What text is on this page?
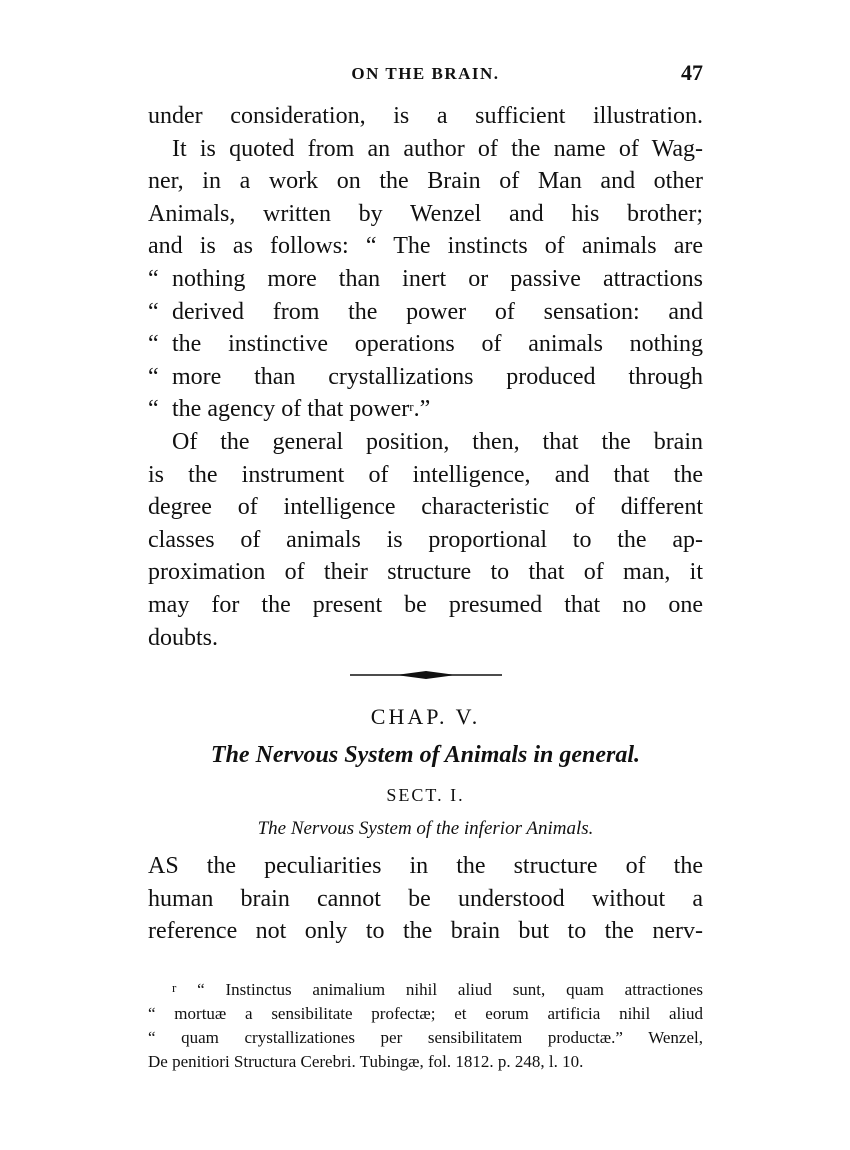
ON THE BRAIN.	47
under consideration, is a sufficient illustration.
It is quoted from an author of the name of Wag-
ner, in a work on the Brain of Man and other
Animals, written by Wenzel and his brother;
and is as follows: “ The instincts of animals are
“ nothing more than inert or passive attractions
“ derived from the power of sensation: and
“ the instinctive operations of animals nothing
“ more than crystallizations produced through
“ the agency of that power$^r$.”
Of the general position, then, that the brain
is the instrument of intelligence, and that the
degree of intelligence characteristic of different
classes of animals is proportional to the ap-
proximation of their structure to that of man, it
may for the present be presumed that no one
doubts.
CHAP. V.
The Nervous System of Animals in general.
SECT. I.
The Nervous System of the inferior Animals.
AS the peculiarities in the structure of the
human brain cannot be understood without a
reference not only to the brain but to the nerv-
$^r$ “ Instinctus animalium nihil aliud sunt, quam attractiones
“ mortuæ a sensibilitate profectæ; et eorum artificia nihil aliud
“ quam crystallizationes per sensibilitatem productæ.” Wenzel,
De penitiori Structura Cerebri. Tubingæ, fol. 1812. p. 248, l. 10.
